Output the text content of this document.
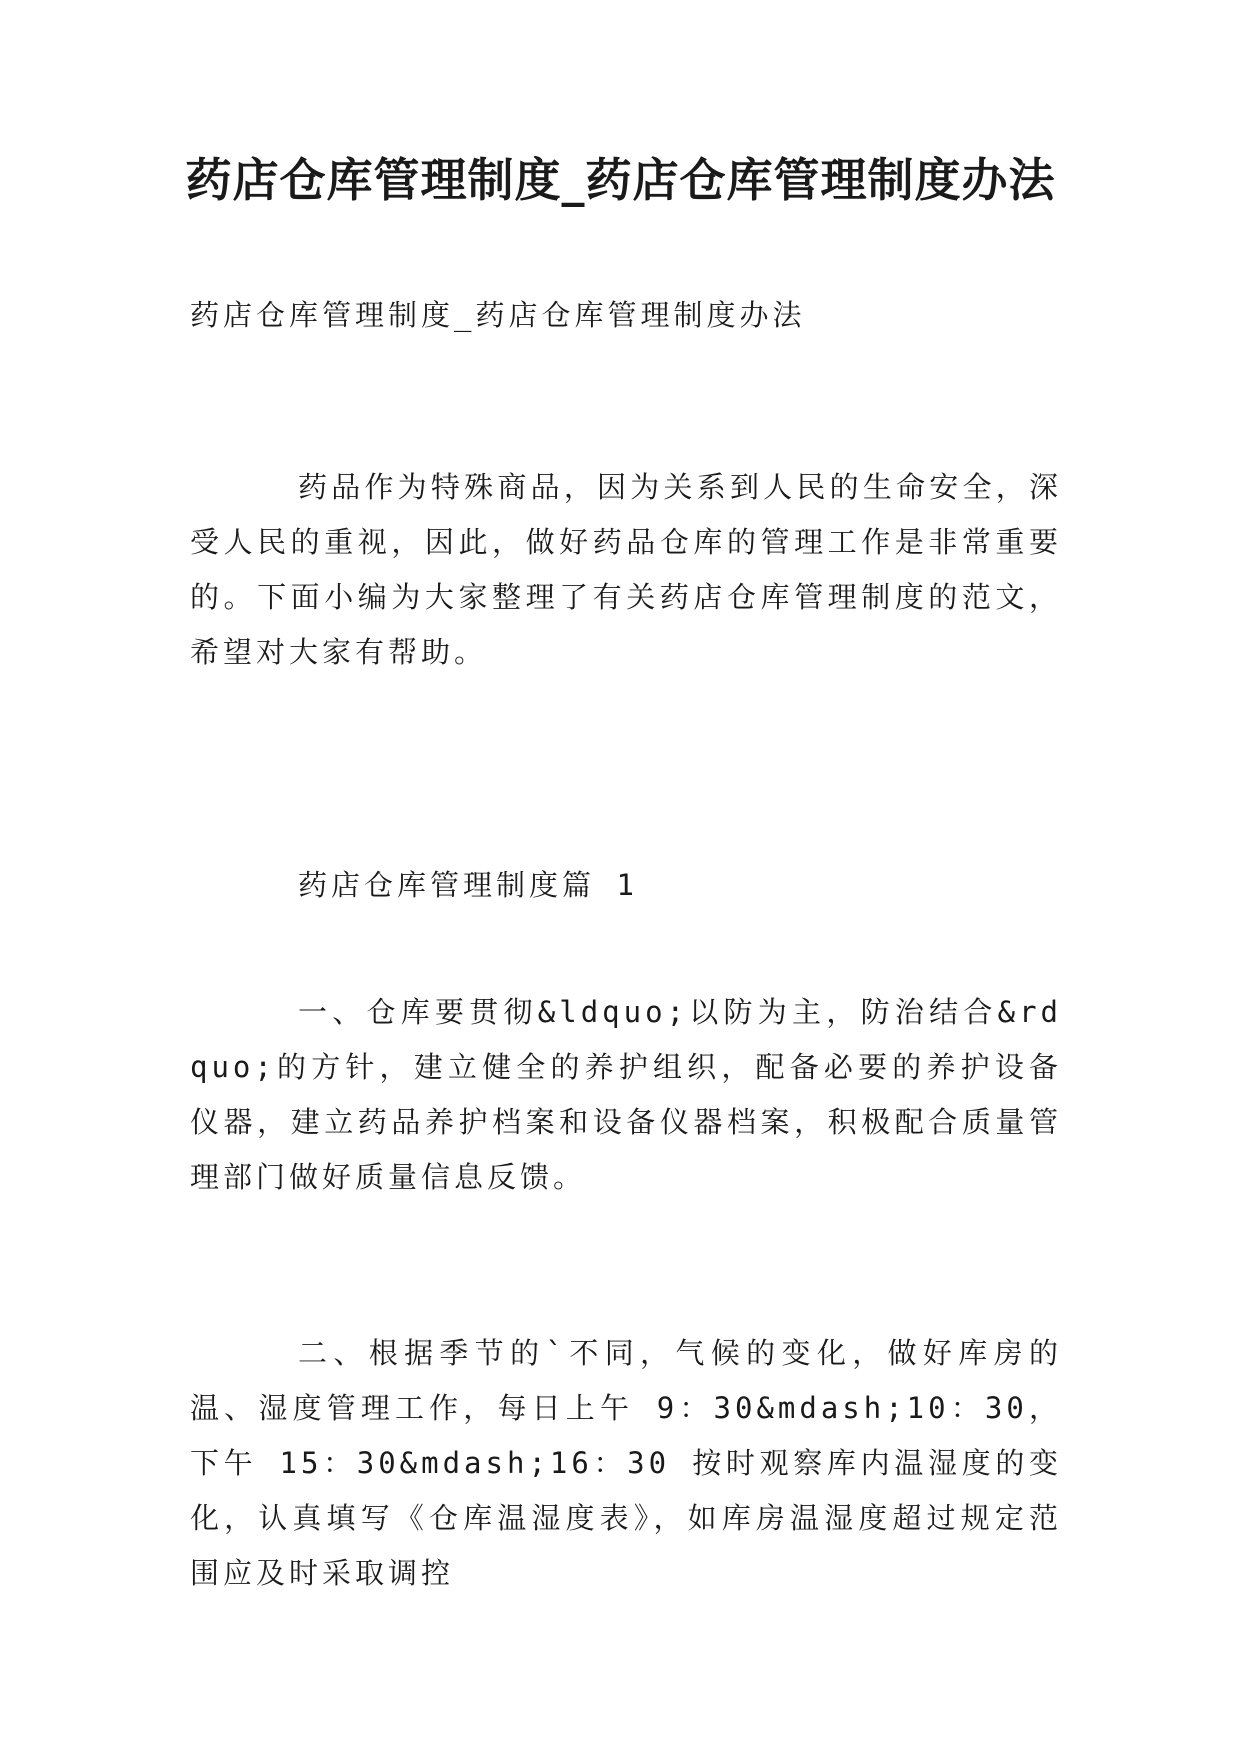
药店仓库管理制度_药店仓库管理制度办法

药店仓库管理制度_药店仓库管理制度办法

药品作为特殊商品，因为关系到人民的生命安全，深受人民的重视，因此，做好药品仓库的管理工作是非常重要的。下面小编为大家整理了有关药店仓库管理制度的范文，希望对大家有帮助。

药店仓库管理制度篇 1

一、仓库要贯彻&ldquo;以防为主，防治结合&rdquo;的方针，建立健全的养护组织，配备必要的养护设备仪器，建立药品养护档案和设备仪器档案，积极配合质量管理部门做好质量信息反馈。

二、根据季节的`不同，气候的变化，做好库房的温、湿度管理工作，每日上午 9：30&mdash;10：30，下午 15：30&mdash;16：30 按时观察库内温湿度的变化，认真填写《仓库温湿度表》，如库房温湿度超过规定范围应及时采取调控
